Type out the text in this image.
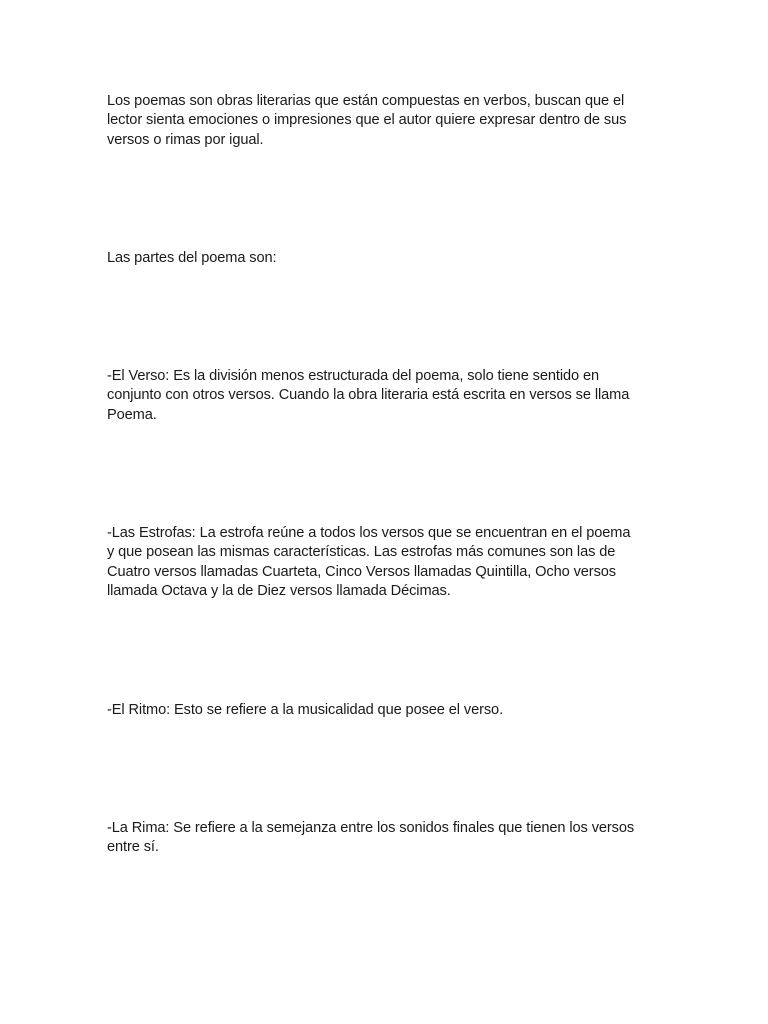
Los poemas son obras literarias que están compuestas en verbos, buscan que el
lector sienta emociones o impresiones que el autor quiere expresar dentro de sus
versos o rimas por igual.

Las partes del poema son:

-El Verso: Es la división menos estructurada del poema, solo tiene sentido en
conjunto con otros versos. Cuando la obra literaria está escrita en versos se llama
Poema.

-Las Estrofas: La estrofa reúne a todos los versos que se encuentran en el poema
y que posean las mismas características. Las estrofas más comunes son las de
Cuatro versos llamadas Cuarteta, Cinco Versos llamadas Quintilla, Ocho versos
llamada Octava y la de Diez versos llamada Décimas.

-El Ritmo: Esto se refiere a la musicalidad que posee el verso.

-La Rima: Se refiere a la semejanza entre los sonidos finales que tienen los versos
entre sí.
